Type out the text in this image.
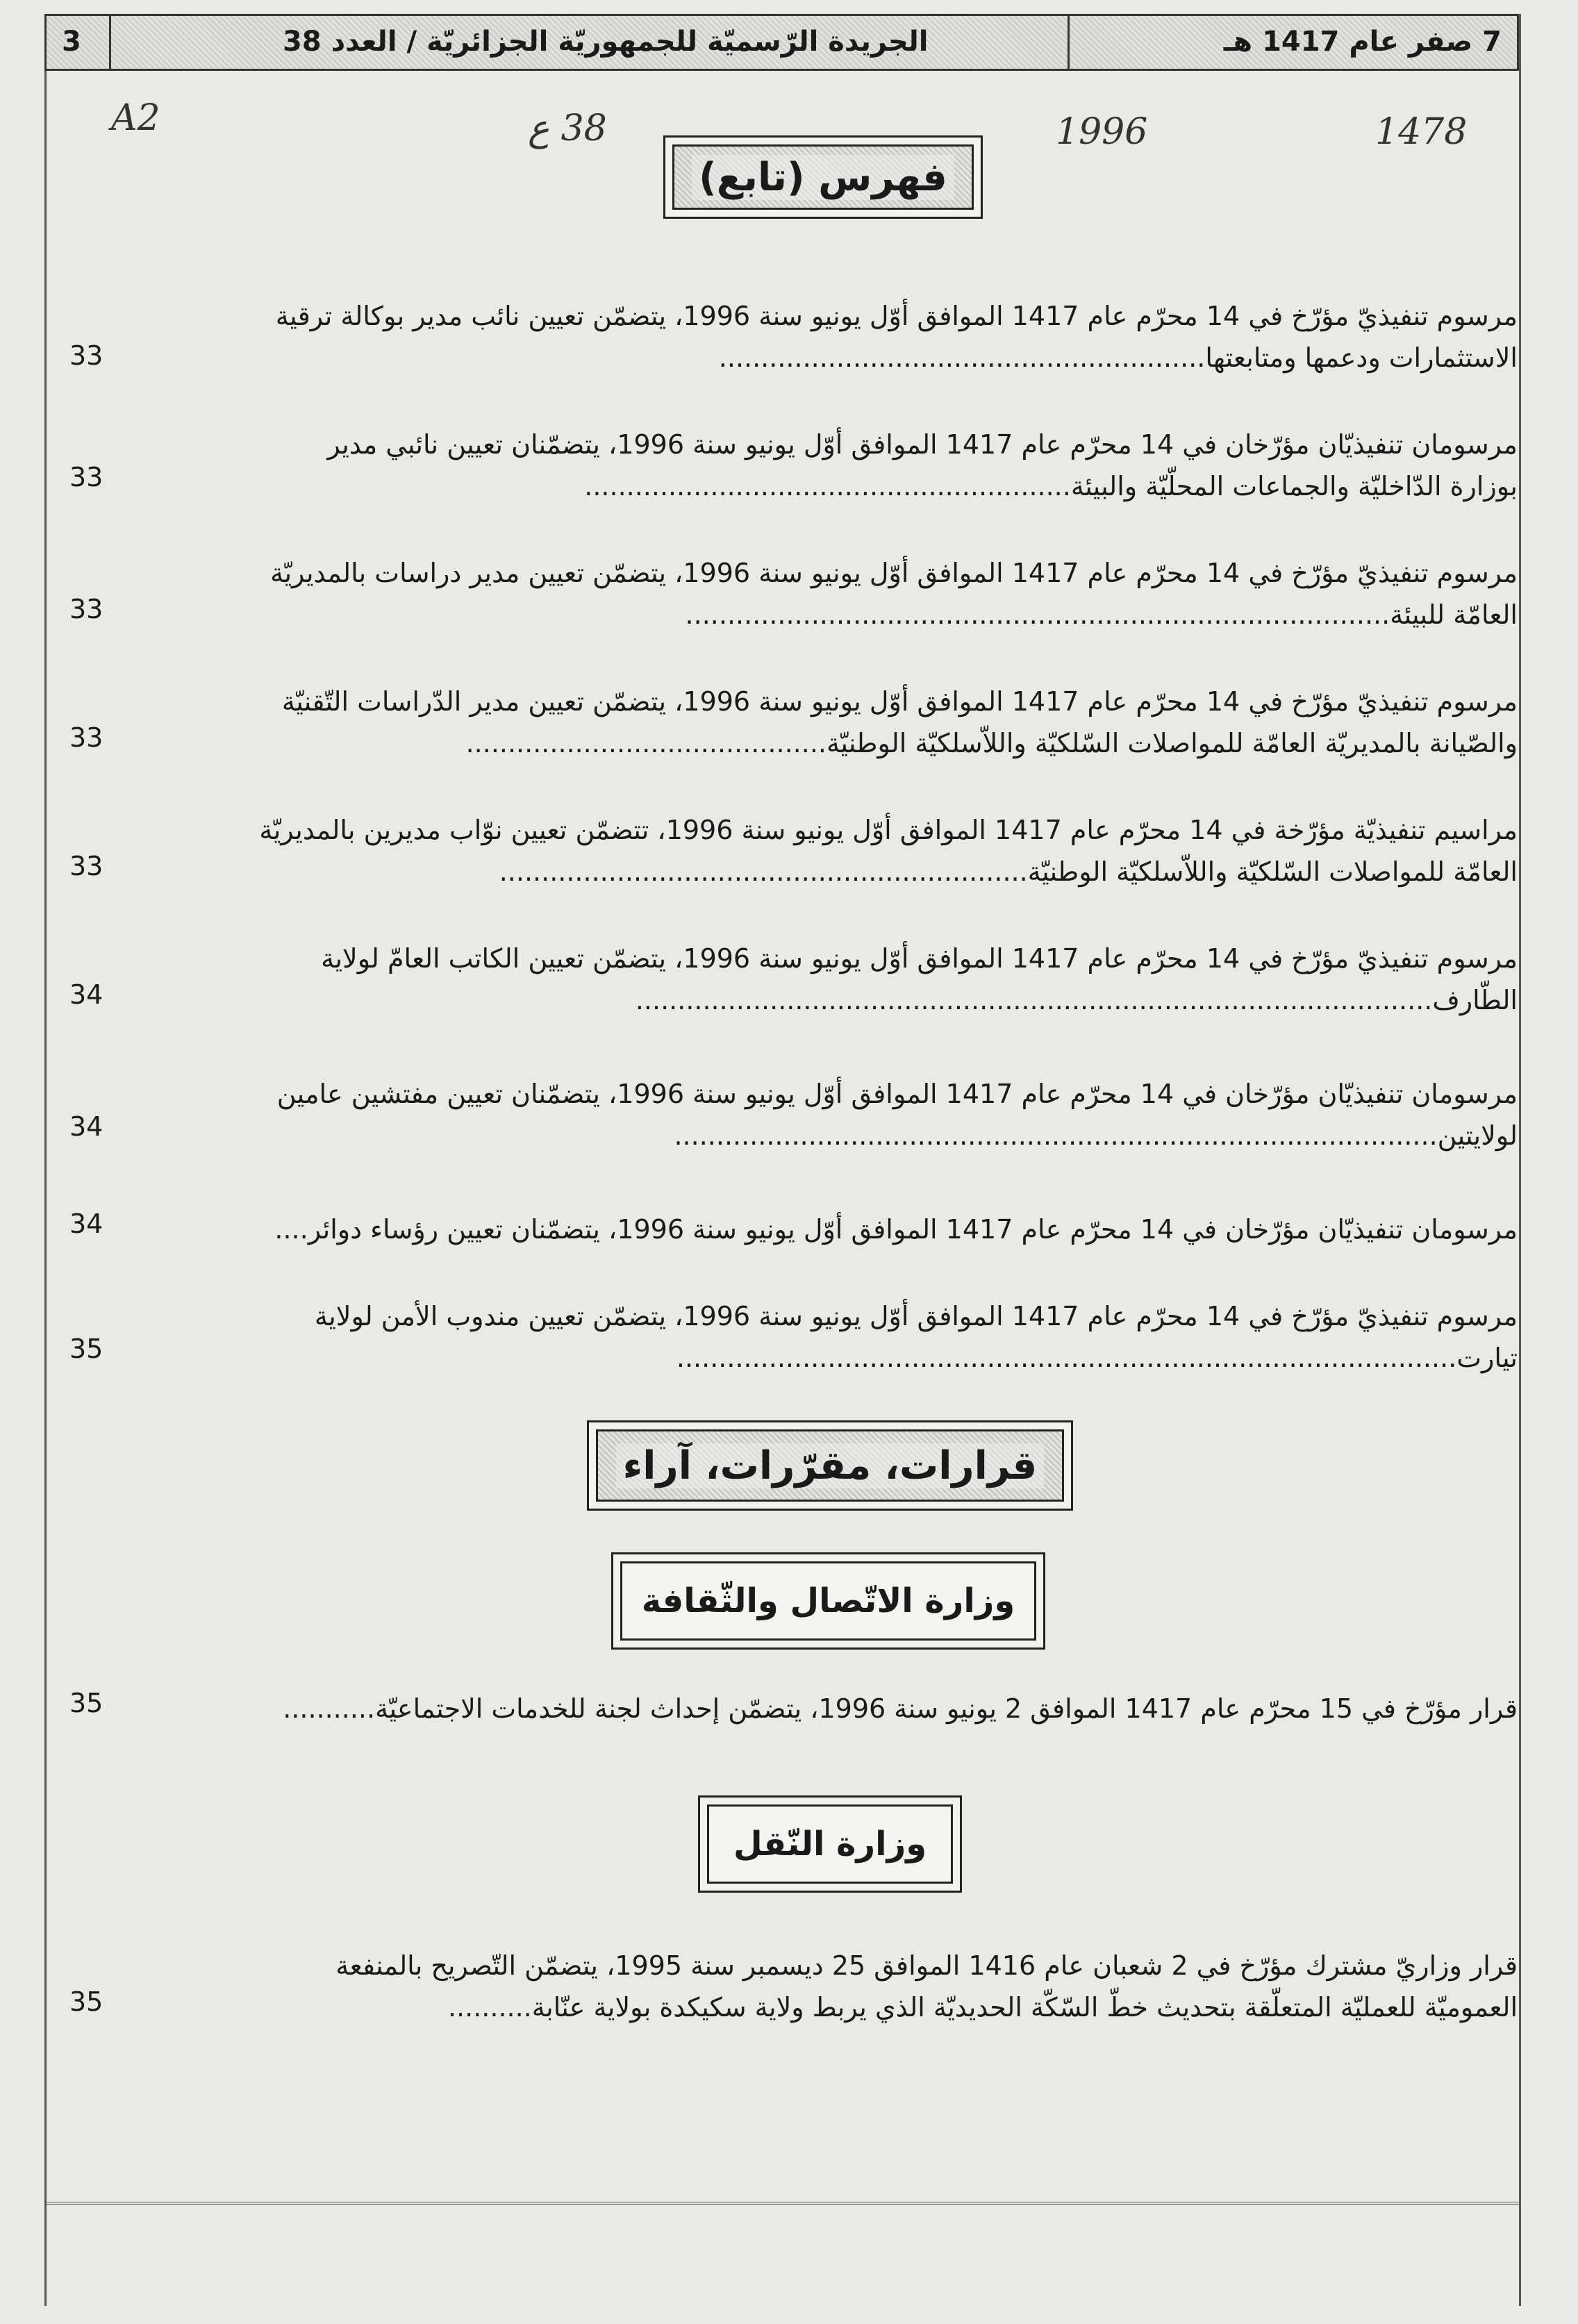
3	الجريدة الرّسميّة للجمهوريّة الجزائريّة / العدد 38	7 صفر عام 1417 هـ
A2	38 ع	1996	1478
فهرس (تابع)
مرسوم تنفيذيّ مؤرّخ في 14 محرّم عام 1417 الموافق أوّل يونيو سنة 1996، يتضمّن تعيين نائب مدير بوكالة ترقية
الاستثمارات ودعمها ومتابعتها..........................................................
33
مرسومان تنفيذيّان مؤرّخان في 14 محرّم عام 1417 الموافق أوّل يونيو سنة 1996، يتضمّنان تعيين نائبي مدير
بوزارة الدّاخليّة والجماعات المحلّيّة والبيئة..........................................................
33
مرسوم تنفيذيّ مؤرّخ في 14 محرّم عام 1417 الموافق أوّل يونيو سنة 1996، يتضمّن تعيين مدير دراسات بالمديريّة
العامّة للبيئة....................................................................................
33
مرسوم تنفيذيّ مؤرّخ في 14 محرّم عام 1417 الموافق أوّل يونيو سنة 1996، يتضمّن تعيين مدير الدّراسات التّقنيّة
والصّيانة بالمديريّة العامّة للمواصلات السّلكيّة واللاّسلكيّة الوطنيّة...........................................
33
مراسيم تنفيذيّة مؤرّخة في 14 محرّم عام 1417 الموافق أوّل يونيو سنة 1996، تتضمّن تعيين نوّاب مديرين بالمديريّة
العامّة للمواصلات السّلكيّة واللاّسلكيّة الوطنيّة...............................................................
33
مرسوم تنفيذيّ مؤرّخ في 14 محرّم عام 1417 الموافق أوّل يونيو سنة 1996، يتضمّن تعيين الكاتب العامّ لولاية
الطّارف...............................................................................................
34
مرسومان تنفيذيّان مؤرّخان في 14 محرّم عام 1417 الموافق أوّل يونيو سنة 1996، يتضمّنان تعيين مفتشين عامين
لولايتين...........................................................................................
34
مرسومان تنفيذيّان مؤرّخان في 14 محرّم عام 1417 الموافق أوّل يونيو سنة 1996، يتضمّنان تعيين رؤساء دوائر....
34
مرسوم تنفيذيّ مؤرّخ في 14 محرّم عام 1417 الموافق أوّل يونيو سنة 1996، يتضمّن تعيين مندوب الأمن لولاية
تيارت.............................................................................................
35
قرارات، مقرّرات، آراء
وزارة الاتّصال والثّقافة
قرار مؤرّخ في 15 محرّم عام 1417 الموافق 2 يونيو سنة 1996، يتضمّن إحداث لجنة للخدمات الاجتماعيّة...........
35
وزارة النّقل
قرار وزاريّ مشترك مؤرّخ في 2 شعبان عام 1416 الموافق 25 ديسمبر سنة 1995، يتضمّن التّصريح بالمنفعة
العموميّة للعمليّة المتعلّقة بتحديث خطّ السّكّة الحديديّة الذي يربط ولاية سكيكدة بولاية عنّابة..........
35
